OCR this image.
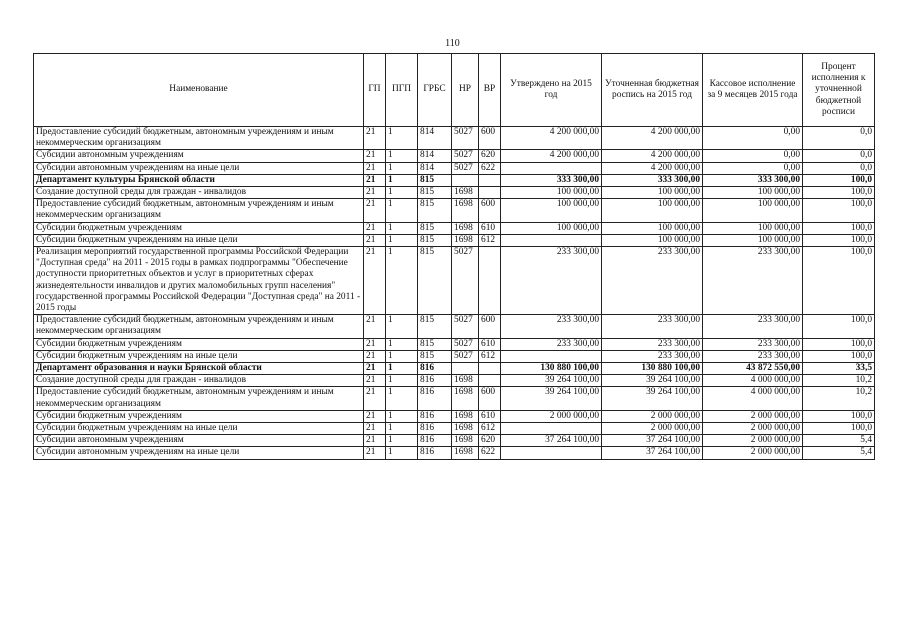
110
Наименование	ГП	ПГП	ГРБС	НР	ВР	Утверждено на 2015 год	Уточненная бюджетная роспись на 2015 год	Кассовое исполнение за 9 месяцев 2015 года	Процент исполнения к уточненной бюджетной росписи
Предоставление субсидий бюджетным, автономным учреждениям и иным некоммерческим организациям	21	1	814	5027	600	4 200 000,00	4 200 000,00	0,00	0,0
Субсидии автономным учреждениям	21	1	814	5027	620	4 200 000,00	4 200 000,00	0,00	0,0
Субсидии автономным учреждениям на иные цели	21	1	814	5027	622		4 200 000,00	0,00	0,0
Департамент культуры Брянской области	21	1	815			333 300,00	333 300,00	333 300,00	100,0
Создание доступной среды для граждан - инвалидов	21	1	815	1698		100 000,00	100 000,00	100 000,00	100,0
Предоставление субсидий бюджетным, автономным учреждениям и иным некоммерческим организациям	21	1	815	1698	600	100 000,00	100 000,00	100 000,00	100,0
Субсидии бюджетным учреждениям	21	1	815	1698	610	100 000,00	100 000,00	100 000,00	100,0
Субсидии бюджетным учреждениям на иные цели	21	1	815	1698	612		100 000,00	100 000,00	100,0
Реализация мероприятий государственной программы Российской Федерации "Доступная среда" на 2011 - 2015 годы в рамках подпрограммы "Обеспечение доступности приоритетных объектов и услуг в приоритетных сферах жизнедеятельности инвалидов и других маломобильных групп населения" государственной программы Российской Федерации "Доступная среда" на 2011 - 2015 годы	21	1	815	5027		233 300,00	233 300,00	233 300,00	100,0
Предоставление субсидий бюджетным, автономным учреждениям и иным некоммерческим организациям	21	1	815	5027	600	233 300,00	233 300,00	233 300,00	100,0
Субсидии бюджетным учреждениям	21	1	815	5027	610	233 300,00	233 300,00	233 300,00	100,0
Субсидии бюджетным учреждениям на иные цели	21	1	815	5027	612		233 300,00	233 300,00	100,0
Департамент образования и науки Брянской области	21	1	816			130 880 100,00	130 880 100,00	43 872 550,00	33,5
Создание доступной среды для граждан - инвалидов	21	1	816	1698		39 264 100,00	39 264 100,00	4 000 000,00	10,2
Предоставление субсидий бюджетным, автономным учреждениям и иным некоммерческим организациям	21	1	816	1698	600	39 264 100,00	39 264 100,00	4 000 000,00	10,2
Субсидии бюджетным учреждениям	21	1	816	1698	610	2 000 000,00	2 000 000,00	2 000 000,00	100,0
Субсидии бюджетным учреждениям на иные цели	21	1	816	1698	612		2 000 000,00	2 000 000,00	100,0
Субсидии автономным учреждениям	21	1	816	1698	620	37 264 100,00	37 264 100,00	2 000 000,00	5,4
Субсидии автономным учреждениям на иные цели	21	1	816	1698	622		37 264 100,00	2 000 000,00	5,4
